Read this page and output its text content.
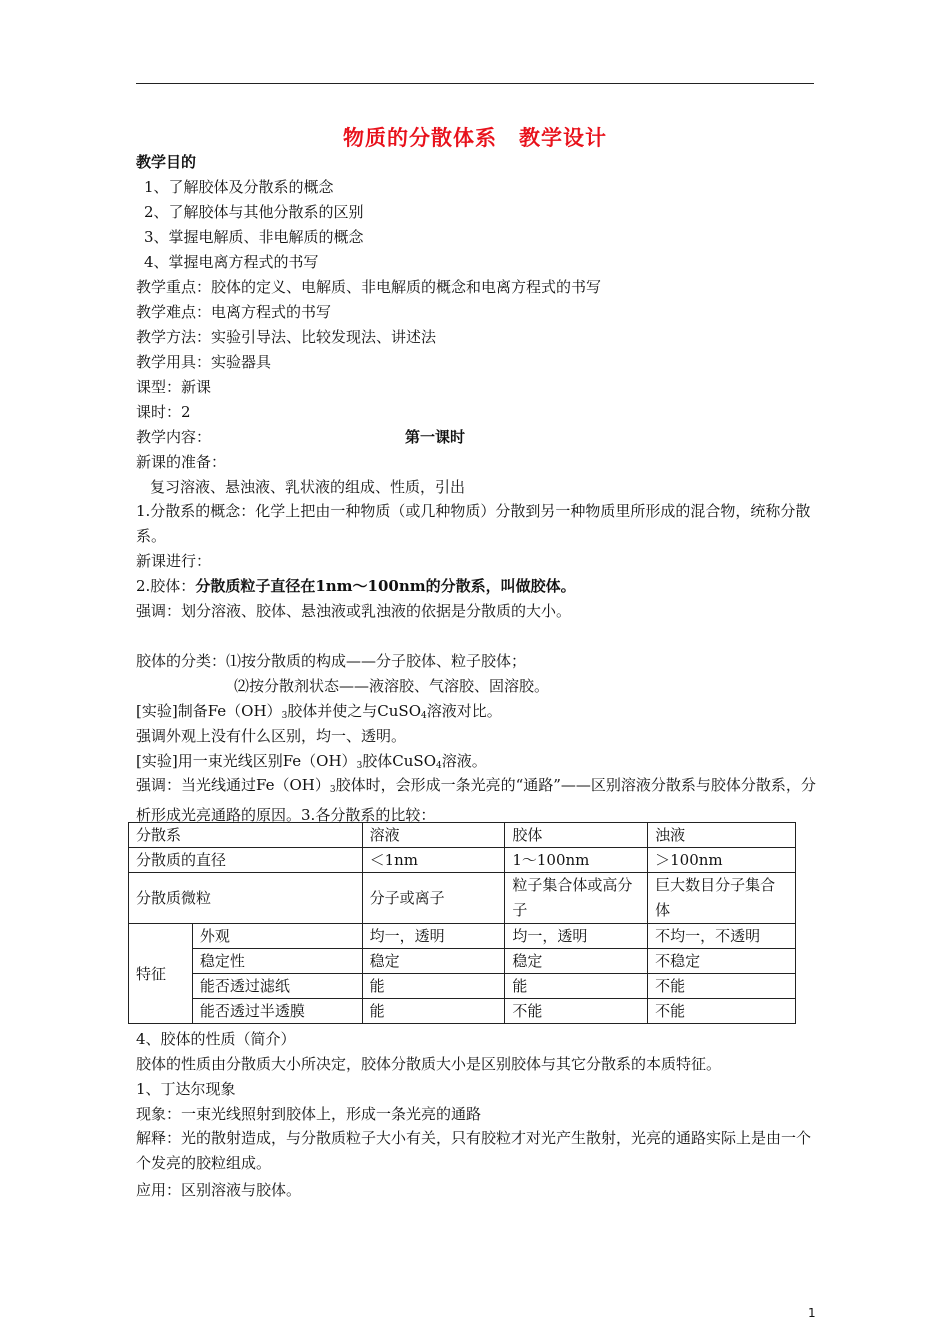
物质的分散体系　教学设计
教学目的
1、了解胶体及分散系的概念
2、了解胶体与其他分散系的区别
3、掌握电解质、非电解质的概念
4、掌握电离方程式的书写
教学重点：胶体的定义、电解质、非电解质的概念和电离方程式的书写
教学难点：电离方程式的书写
教学方法：实验引导法、比较发现法、讲述法
教学用具：实验器具
课型：新课
课时：2
教学内容：	第一课时
新课的准备：
复习溶液、悬浊液、乳状液的组成、性质，引出
1.分散系的概念：化学上把由一种物质（或几种物质）分散到另一种物质里所形成的混合物，统称分散系。
新课进行：
2.胶体：分散质粒子直径在1nm～100nm的分散系，叫做胶体。
强调：划分溶液、胶体、悬浊液或乳浊液的依据是分散质的大小。
胶体的分类：⑴按分散质的构成——分子胶体、粒子胶体；
⑵按分散剂状态——液溶胶、气溶胶、固溶胶。
[实验]制备$Fe(OH)_3$胶体并使之与CuSO$_4$溶液对比。
强调外观上没有什么区别，均一、透明。
[实验]用一束光线区别$Fe(OH)_3$胶体CuSO$_4$溶液。
强调：当光线通过$Fe(OH)_3$胶体时，会形成一条光亮的“通路”——区别溶液分散系与胶体分散系，分析形成光亮通路的原因。3.各分散系的比较：
分散系		溶液	胶体	浊液
分散质的直径		＜1nm	1～100nm	＞100nm
分散质微粒		分子或离子	粒子集合体或高分子	巨大数目分子集合体
特征	外观	均一，透明	均一，透明	不均一，不透明
	稳定性	稳定	稳定	不稳定
	能否透过滤纸	能	能	不能
	能否透过半透膜	能	不能	不能
4、胶体的性质（简介）
胶体的性质由分散质大小所决定，胶体分散质大小是区别胶体与其它分散系的本质特征。
1、丁达尔现象
现象：一束光线照射到胶体上，形成一条光亮的通路
解释：光的散射造成，与分散质粒子大小有关，只有胶粒才对光产生散射，光亮的通路实际上是由一个个发亮的胶粒组成。
应用：区别溶液与胶体。
1
